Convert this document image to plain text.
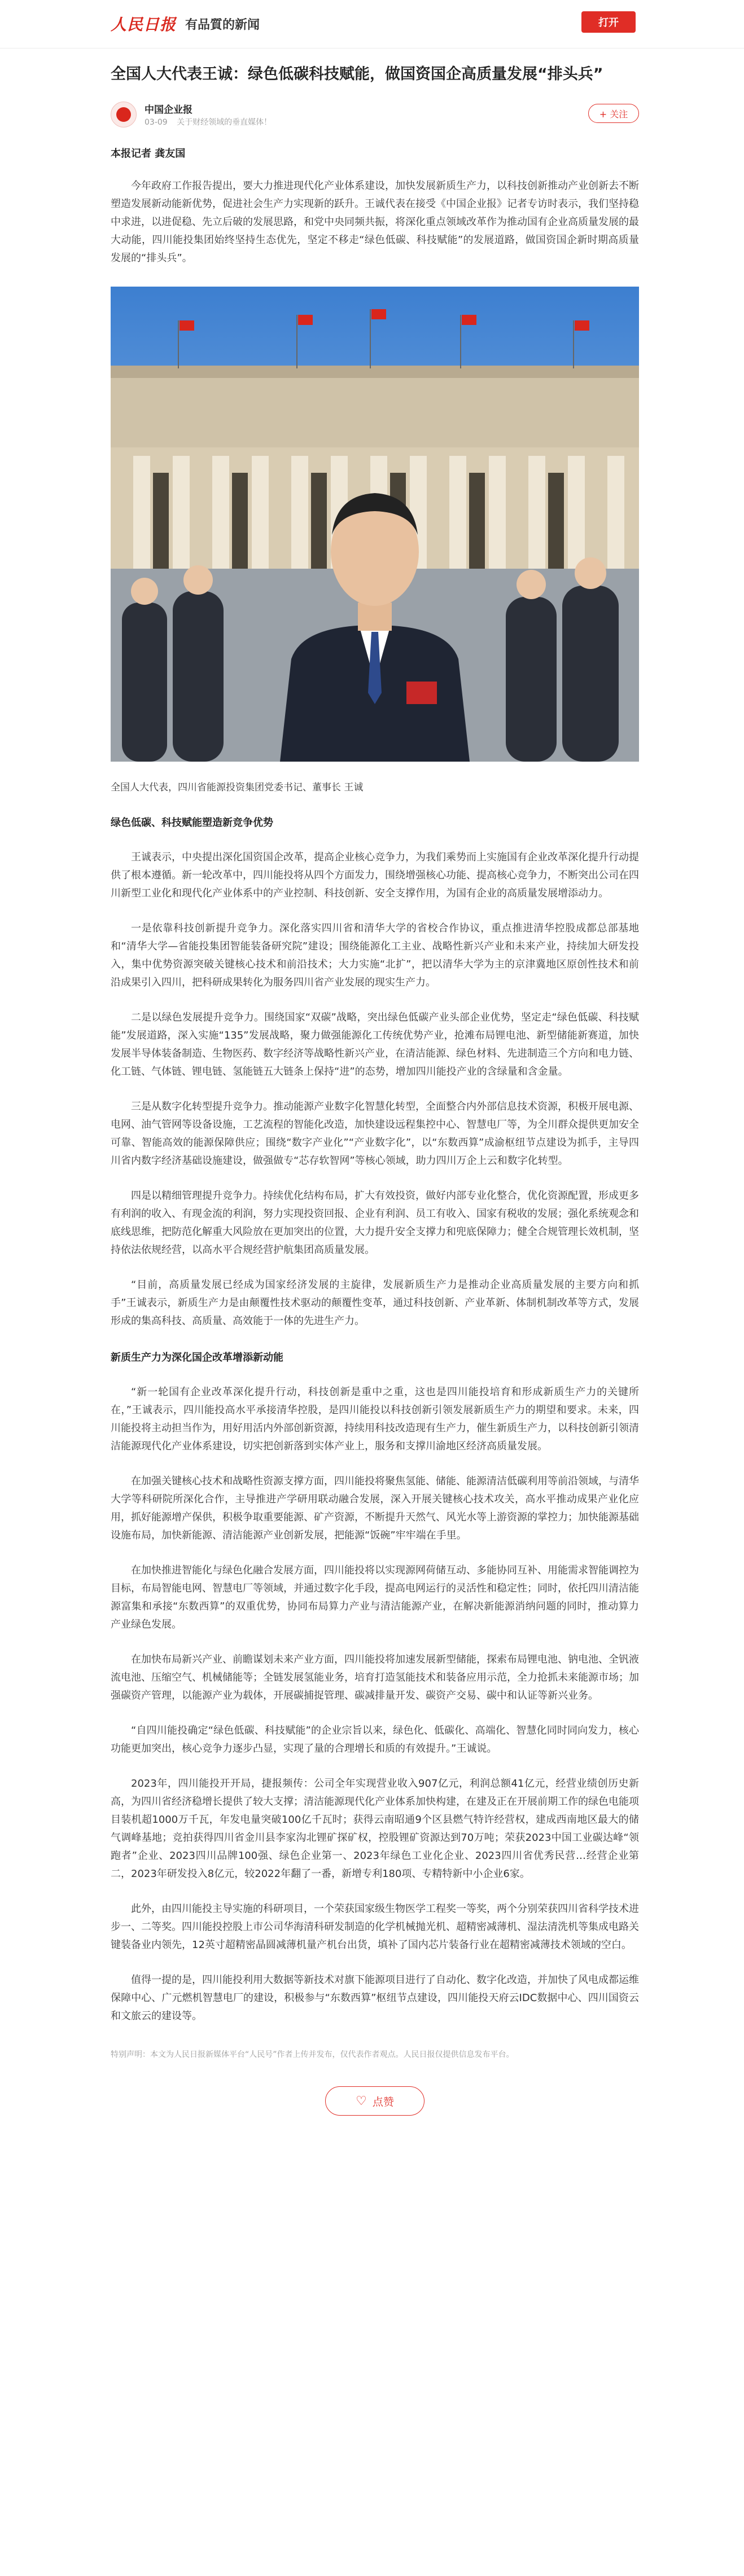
人民日报 有品質的新闻	打开
全国人大代表王诚：绿色低碳科技赋能，做国资国企高质量发展“排头兵”
中国企业报
03-09 关于财经领域的垂直媒体！
+ 关注
本报记者 龚友国

今年政府工作报告提出，要大力推进现代化产业体系建设，加快发展新质生产力，以科技创新推动产业创新去不断塑造发展新动能新优势，促进社会生产力实现新的跃升。王诚代表在接受《中国企业报》记者专访时表示，我们坚持稳中求进，以进促稳、先立后破的发展思路，和党中央同频共振，将深化重点领域改革作为推动国有企业高质量发展的最大动能，四川能投集团始终坚持生态优先，坚定不移走“绿色低碳、科技赋能”的发展道路，做国资国企新时期高质量发展的“排头兵”。

全国人大代表，四川省能源投资集团党委书记、董事长 王诚
绿色低碳、科技赋能塑造新竞争优势

王诚表示，中央提出深化国资国企改革，提高企业核心竞争力，为我们乘势而上实施国有企业改革深化提升行动提供了根本遵循。新一轮改革中，四川能投将从四个方面发力，围绕增强核心功能、提高核心竞争力，不断突出公司在四川新型工业化和现代化产业体系中的产业控制、科技创新、安全支撑作用，为国有企业的高质量发展增添动力。

一是依靠科技创新提升竞争力。深化落实四川省和清华大学的省校合作协议，重点推进清华控股成都总部基地和“清华大学—省能投集团智能装备研究院”建设；围绕能源化工主业、战略性新兴产业和未来产业，持续加大研发投入，集中优势资源突破关键核心技术和前沿技术；大力实施“北扩”，把以清华大学为主的京津冀地区原创性技术和前沿成果引入四川，把科研成果转化为服务四川省产业发展的现实生产力。

二是以绿色发展提升竞争力。围绕国家“双碳”战略，突出绿色低碳产业头部企业优势，坚定走“绿色低碳、科技赋能”发展道路，深入实施“135”发展战略，聚力做强能源化工传统优势产业，抢滩布局锂电池、新型储能新赛道，加快发展半导体装备制造、生物医药、数字经济等战略性新兴产业，在清洁能源、绿色材料、先进制造三个方向和电力链、化工链、气体链、锂电链、氢能链五大链条上保持“进”的态势，增加四川能投产业的含绿量和含金量。

三是从数字化转型提升竞争力。推动能源产业数字化智慧化转型，全面整合内外部信息技术资源，积极开展电源、电网、油气管网等设备设施，工艺流程的智能化改造，加快建设远程集控中心、智慧电厂等，为全川群众提供更加安全可靠、智能高效的能源保障供应；围绕“数字产业化”“产业数字化”，以“东数西算”成渝枢纽节点建设为抓手，主导四川省内数字经济基础设施建设，做强做专“芯存软智网”等核心领域，助力四川万企上云和数字化转型。

四是以精细管理提升竞争力。持续优化结构布局，扩大有效投资，做好内部专业化整合，优化资源配置，形成更多有利润的收入、有现金流的利润，努力实现投资回报、企业有利润、员工有收入、国家有税收的发展；强化系统观念和底线思维，把防范化解重大风险放在更加突出的位置，大力提升安全支撑力和兜底保障力；健全合规管理长效机制，坚持依法依规经营，以高水平合规经营护航集团高质量发展。

“目前，高质量发展已经成为国家经济发展的主旋律，发展新质生产力是推动企业高质量发展的主要方向和抓手”王诚表示，新质生产力是由颠覆性技术驱动的颠覆性变革，通过科技创新、产业革新、体制机制改革等方式，发展形成的集高科技、高质量、高效能于一体的先进生产力。

新质生产力为深化国企改革增添新动能

“新一轮国有企业改革深化提升行动，科技创新是重中之重，这也是四川能投培育和形成新质生产力的关键所在，”王诚表示，四川能投高水平承接清华控股，是四川能投以科技创新引领发展新质生产力的期望和要求。未来，四川能投将主动担当作为，用好用活内外部创新资源，持续用科技改造现有生产力，催生新质生产力，以科技创新引领清洁能源现代化产业体系建设，切实把创新落到实体产业上，服务和支撑川渝地区经济高质量发展。

在加强关键核心技术和战略性资源支撑方面，四川能投将聚焦氢能、储能、能源清洁低碳利用等前沿领域，与清华大学等科研院所深化合作，主导推进产学研用联动融合发展，深入开展关键核心技术攻关，高水平推动成果产业化应用，抓好能源增产保供，积极争取重要能源、矿产资源，不断提升天然气、风光水等上游资源的掌控力；加快能源基础设施布局，加快新能源、清洁能源产业创新发展，把能源“饭碗”牢牢端在手里。

在加快推进智能化与绿色化融合发展方面，四川能投将以实现源网荷储互动、多能协同互补、用能需求智能调控为目标，布局智能电网、智慧电厂等领域，并通过数字化手段，提高电网运行的灵活性和稳定性；同时，依托四川清洁能源富集和承接“东数西算”的双重优势，协同布局算力产业与清洁能源产业，在解决新能源消纳问题的同时，推动算力产业绿色发展。

在加快布局新兴产业、前瞻谋划未来产业方面，四川能投将加速发展新型储能，探索布局锂电池、钠电池、全钒液流电池、压缩空气、机械储能等；全链发展氢能业务，培育打造氢能技术和装备应用示范，全力抢抓未来能源市场；加强碳资产管理，以能源产业为载体，开展碳捕捉管理、碳减排量开发、碳资产交易、碳中和认证等新兴业务。

“自四川能投确定“绿色低碳、科技赋能”的企业宗旨以来，绿色化、低碳化、高端化、智慧化同时同向发力，核心功能更加突出，核心竞争力逐步凸显，实现了量的合理增长和质的有效提升。”王诚说。

2023年，四川能投开开局，捷报频传：公司全年实现营业收入907亿元，利润总额41亿元，经营业绩创历史新高，为四川省经济稳增长提供了较大支撑；清洁能源现代化产业体系加快构建，在建及正在开展前期工作的绿色电能项目装机超1000万千瓦，年发电量突破100亿千瓦时；获得云南昭通9个区县燃气特许经营权，建成西南地区最大的储气调峰基地；竞拍获得四川省金川县李家沟北锂矿探矿权，控股锂矿资源达到70万吨；荣获2023中国工业碳达峰“领跑者”企业、2023四川品牌100强、绿色企业第一、2023年绿色工业化企业、2023四川省优秀民营…经营企业第二，2023年研发投入8亿元，较2022年翻了一番，新增专利180项、专精特新中小企业6家。

此外，由四川能投主导实施的科研项目，一个荣获国家级生物医学工程奖一等奖，两个分别荣获四川省科学技术进步一、二等奖。四川能投控股上市公司华海清科研发制造的化学机械抛光机、超精密减薄机、湿法清洗机等集成电路关键装备业内领先，12英寸超精密晶圆减薄机量产机台出货，填补了国内芯片装备行业在超精密减薄技术领域的空白。

值得一提的是，四川能投利用大数据等新技术对旗下能源项目进行了自动化、数字化改造，并加快了风电成都运维保障中心、广元燃机智慧电厂的建设，积极参与“东数西算”枢纽节点建设，四川能投天府云IDC数据中心、四川国资云和文旅云的建设等。

特别声明：本文为人民日报新媒体平台“人民号”作者上传并发布，仅代表作者观点。人民日报仅提供信息发布平台。

♡ 点赞
